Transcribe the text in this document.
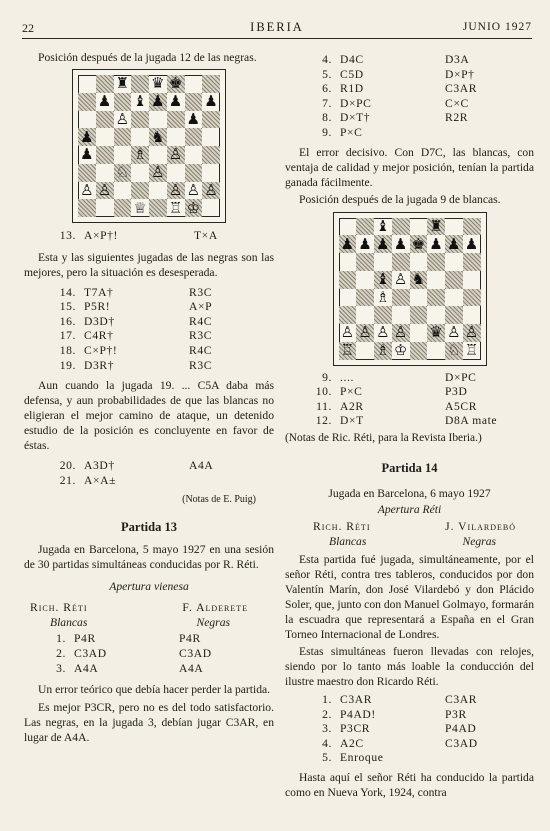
22	IBERIA	JUNIO 1927

Posición después de la jugada 12 de las negras.

♜ ♛ ♚
♟ ♝ ♟ ♟ ♟
♙	♟
♟	♞
♟	♗ ♙
♘ ♙
♙ ♙	♙ ♙ ♙
♕ ♖ ♔
13.	A×P†!	T×A

Esta y las siguientes jugadas de las negras son las mejores, pero la situación es desesperada.

14.	T7A†	R3C
15.	P5R!	A×P
16.	D3D†	R4C
17.	C4R†	R3C
18.	C×P†!	R4C
19.	D3R†	R3C

Aun cuando la jugada 19. ... C5A daba más defensa, y aun probabilidades de que las blancas no eligieran el mejor camino de ataque, un detenido estudio de la posición es concluyente en favor de éstas.

20.	A3D†	A4A
21.	A×A±	
(Notas de E. Puig)
Partida 13

Jugada en Barcelona, 5 mayo 1927 en una sesión de 30 partidas simultáneas conducidas por R. Réti.

Apertura vienesa
Rich. Réti	F. Alderete
Blancas	Negras
1.	P4R	P4R
2.	C3AD	C3AD
3.	A4A	A4A

Un error teórico que debía hacer perder la partida.

Es mejor P3CR, pero no es del todo satisfactorio. Las negras, en la jugada 3, debían jugar C3AR, en lugar de A4A.

4.	D4C	D3A
5.	C5D	D×P†
6.	R1D	C3AR
7.	D×PC	C×C
8.	D×T†	R2R
9.	P×C	

El error decisivo. Con D7C, las blancas, con ventaja de calidad y mejor posición, tenían la partida ganada fácilmente.

Posición después de la jugada 9 de blancas.

♝	♜
♟ ♟ ♟ ♟ ♚ ♟ ♟ ♟
♝ ♙ ♞
♗
♙ ♙ ♙ ♙ ♛ ♙ ♙
♖ ♗ ♔	♘ ♖
9.	....	D×PC
10.	P×C	P3D
11.	A2R	A5CR
12.	D×T	D8A mate

(Notas de Ric. Réti, para la Revista Iberia.)

Partida 14
Jugada en Barcelona, 6 mayo 1927
Apertura Réti
Rich. Réti	J. Vilardebó
Blancas	Negras

Esta partida fué jugada, simultáneamente, por el señor Réti, contra tres tableros, conducidos por don Valentín Marín, don José Vilardebó y don Plácido Soler, que, junto con don Manuel Golmayo, formarán la escuadra que representará a España en el Gran Torneo Internacional de Londres.

Estas simultáneas fueron llevadas con relojes, siendo por lo tanto más loable la conducción del ilustre maestro don Ricardo Réti.

1.	C3AR	C3AR
2.	P4AD!	P3R
3.	P3CR	P4AD
4.	A2C	C3AD
5.	Enroque	

Hasta aquí el señor Réti ha conducido la partida como en Nueva York, 1924, contra
